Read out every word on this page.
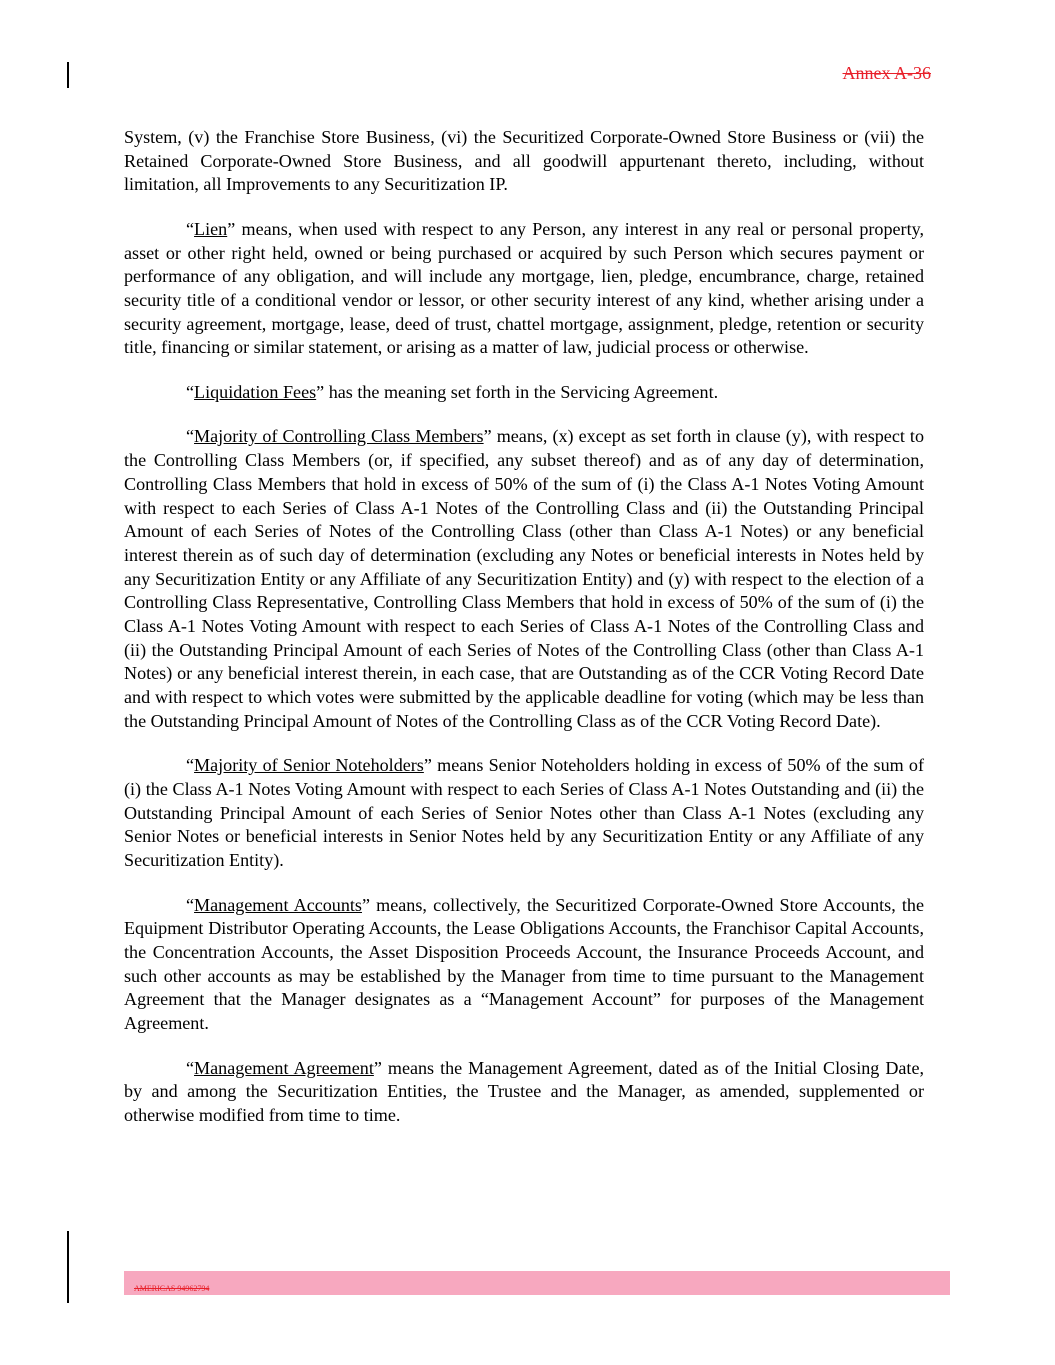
Annex A-36

System, (v) the Franchise Store Business, (vi) the Securitized Corporate-Owned Store Business or (vii) the Retained Corporate-Owned Store Business, and all goodwill appurtenant thereto, including, without limitation, all Improvements to any Securitization IP.

“Lien” means, when used with respect to any Person, any interest in any real or personal property, asset or other right held, owned or being purchased or acquired by such Person which secures payment or performance of any obligation, and will include any mortgage, lien, pledge, encumbrance, charge, retained security title of a conditional vendor or lessor, or other security interest of any kind, whether arising under a security agreement, mortgage, lease, deed of trust, chattel mortgage, assignment, pledge, retention or security title, financing or similar statement, or arising as a matter of law, judicial process or otherwise.

“Liquidation Fees” has the meaning set forth in the Servicing Agreement.

“Majority of Controlling Class Members” means, (x) except as set forth in clause (y), with respect to the Controlling Class Members (or, if specified, any subset thereof) and as of any day of determination, Controlling Class Members that hold in excess of 50% of the sum of (i) the Class A-1 Notes Voting Amount with respect to each Series of Class A-1 Notes of the Controlling Class and (ii) the Outstanding Principal Amount of each Series of Notes of the Controlling Class (other than Class A-1 Notes) or any beneficial interest therein as of such day of determination (excluding any Notes or beneficial interests in Notes held by any Securitization Entity or any Affiliate of any Securitization Entity) and (y) with respect to the election of a Controlling Class Representative, Controlling Class Members that hold in excess of 50% of the sum of (i) the Class A-1 Notes Voting Amount with respect to each Series of Class A-1 Notes of the Controlling Class and (ii) the Outstanding Principal Amount of each Series of Notes of the Controlling Class (other than Class A-1 Notes) or any beneficial interest therein, in each case, that are Outstanding as of the CCR Voting Record Date and with respect to which votes were submitted by the applicable deadline for voting (which may be less than the Outstanding Principal Amount of Notes of the Controlling Class as of the CCR Voting Record Date).

“Majority of Senior Noteholders” means Senior Noteholders holding in excess of 50% of the sum of (i) the Class A-1 Notes Voting Amount with respect to each Series of Class A-1 Notes Outstanding and (ii) the Outstanding Principal Amount of each Series of Senior Notes other than Class A-1 Notes (excluding any Senior Notes or beneficial interests in Senior Notes held by any Securitization Entity or any Affiliate of any Securitization Entity).

“Management Accounts” means, collectively, the Securitized Corporate-Owned Store Accounts, the Equipment Distributor Operating Accounts, the Lease Obligations Accounts, the Franchisor Capital Accounts, the Concentration Accounts, the Asset Disposition Proceeds Account, the Insurance Proceeds Account, and such other accounts as may be established by the Manager from time to time pursuant to the Management Agreement that the Manager designates as a “Management Account” for purposes of the Management Agreement.

“Management Agreement” means the Management Agreement, dated as of the Initial Closing Date, by and among the Securitization Entities, the Trustee and the Manager, as amended, supplemented or otherwise modified from time to time.

AMERICAS 94962794
